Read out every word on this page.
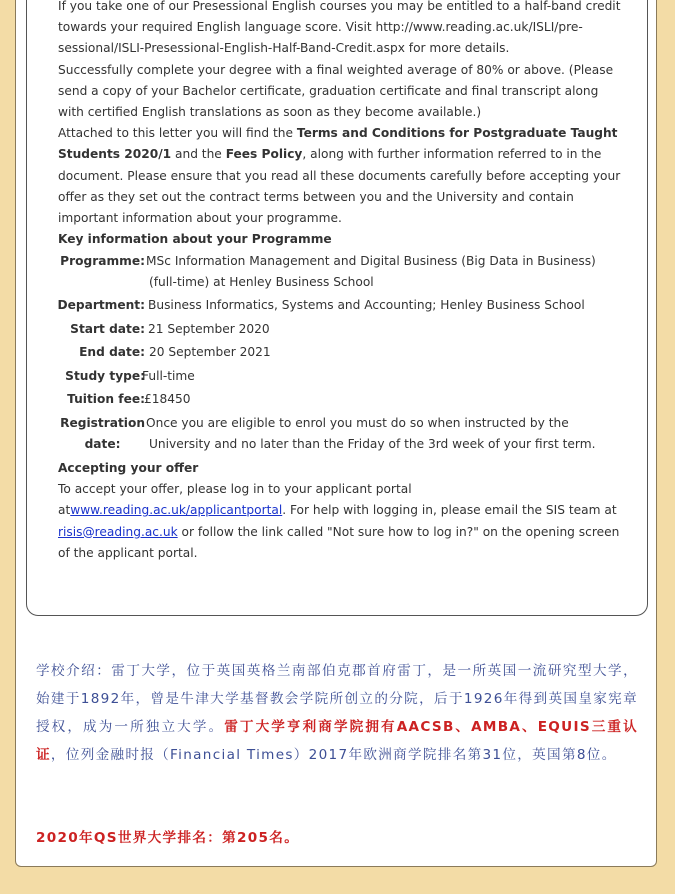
If you take one of our Presessional English courses you may be entitled to a half-band credit towards your required English language score. Visit http://www.reading.ac.uk/ISLI/pre-sessional/ISLI-Presessional-English-Half-Band-Credit.aspx for more details.

Successfully complete your degree with a final weighted average of 80% or above. (Please send a copy of your Bachelor certificate, graduation certificate and final transcript along with certified English translations as soon as they become available.)

Attached to this letter you will find the Terms and Conditions for Postgraduate Taught Students 2020/1 and the Fees Policy, along with further information referred to in the document. Please ensure that you read all these documents carefully before accepting your offer as they set out the contract terms between you and the University and contain important information about your programme.

Key information about your Programme

Programme: MSc Information Management and Digital Business (Big Data in Business)
(full-time) at Henley Business School
Department: Business Informatics, Systems and Accounting; Henley Business School
Start date: 21 September 2020
End date: 20 September 2021
Study type:
Full-time
Tuition fee: £18450
Registration
date:
Once you are eligible to enrol you must do so when instructed by the
University and no later than the Friday of the 3rd week of your first term.

Accepting your offer

To accept your offer, please log in to your applicant portal atwww.reading.ac.uk/applicantportal. For help with logging in, please email the SIS team at risis@reading.ac.uk or follow the link called "Not sure how to log in?" on the opening screen of the applicant portal.

学校介绍：雷丁大学，位于英国英格兰南部伯克郡首府雷丁，是一所英国一流研究型大学，始建于1892年，曾是牛津大学基督教会学院所创立的分院，后于1926年得到英国皇家宪章授权，成为一所独立大学。雷丁大学亨利商学院拥有AACSB、AMBA、EQUIS三重认证，位列金融时报（Financial Times）2017年欧洲商学院排名第31位，英国第8位。
2020年QS世界大学排名：第205名。
